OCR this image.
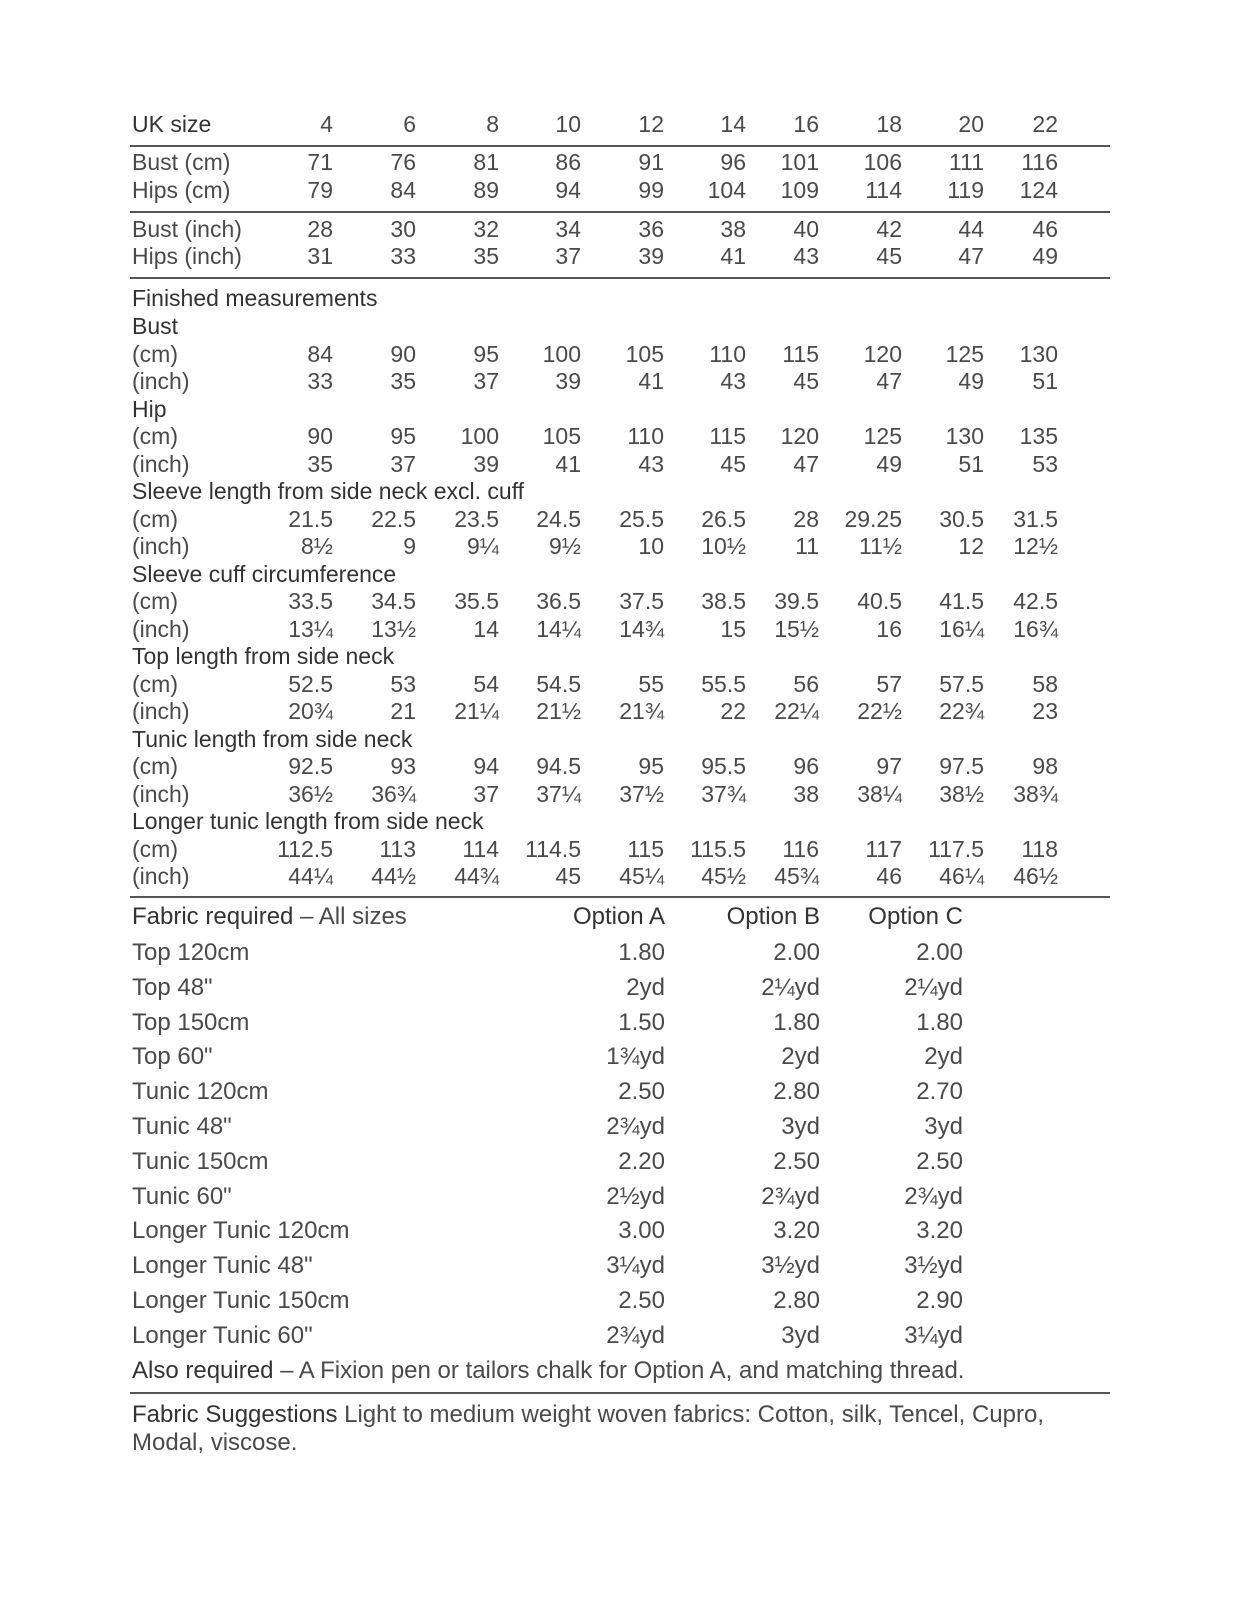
UK size	4	6	8	10	12	14	16	18	20	22
Bust (cm)	71	76	81	86	91	96	101	106	111	116
Hips (cm)	79	84	89	94	99	104	109	114	119	124
Bust (inch)	28	30	32	34	36	38	40	42	44	46
Hips (inch)	31	33	35	37	39	41	43	45	47	49
Finished measurements
Bust
(cm)	84	90	95	100	105	110	115	120	125	130
(inch)	33	35	37	39	41	43	45	47	49	51
Hip
(cm)	90	95	100	105	110	115	120	125	130	135
(inch)	35	37	39	41	43	45	47	49	51	53
Sleeve length from side neck excl. cuff
(cm)	21.5	22.5	23.5	24.5	25.5	26.5	28	29.25	30.5	31.5
(inch)	8½	9	9¼	9½	10	10½	11	11½	12	12½
Sleeve cuff circumference
(cm)	33.5	34.5	35.5	36.5	37.5	38.5	39.5	40.5	41.5	42.5
(inch)	13¼	13½	14	14¼	14¾	15	15½	16	16¼	16¾
Top length from side neck
(cm)	52.5	53	54	54.5	55	55.5	56	57	57.5	58
(inch)	20¾	21	21¼	21½	21¾	22	22¼	22½	22¾	23
Tunic length from side neck
(cm)	92.5	93	94	94.5	95	95.5	96	97	97.5	98
(inch)	36½	36¾	37	37¼	37½	37¾	38	38¼	38½	38¾
Longer tunic length from side neck
(cm)	112.5	113	114	114.5	115	115.5	116	117	117.5	118
(inch)	44¼	44½	44¾	45	45¼	45½	45¾	46	46¼	46½
Fabric required – All sizes	Option A	Option B	Option C
Top 120cm	1.80	2.00	2.00
Top 48"	2yd	2¼yd	2¼yd
Top 150cm	1.50	1.80	1.80
Top 60"	1¾yd	2yd	2yd
Tunic 120cm	2.50	2.80	2.70
Tunic 48"	2¾yd	3yd	3yd
Tunic 150cm	2.20	2.50	2.50
Tunic 60"	2½yd	2¾yd	2¾yd
Longer Tunic 120cm	3.00	3.20	3.20
Longer Tunic 48"	3¼yd	3½yd	3½yd
Longer Tunic 150cm	2.50	2.80	2.90
Longer Tunic 60"	2¾yd	3yd	3¼yd
Also required – A Fixion pen or tailors chalk for Option A, and matching thread.
Fabric Suggestions Light to medium weight woven fabrics: Cotton, silk, Tencel, Cupro, Modal, viscose.
